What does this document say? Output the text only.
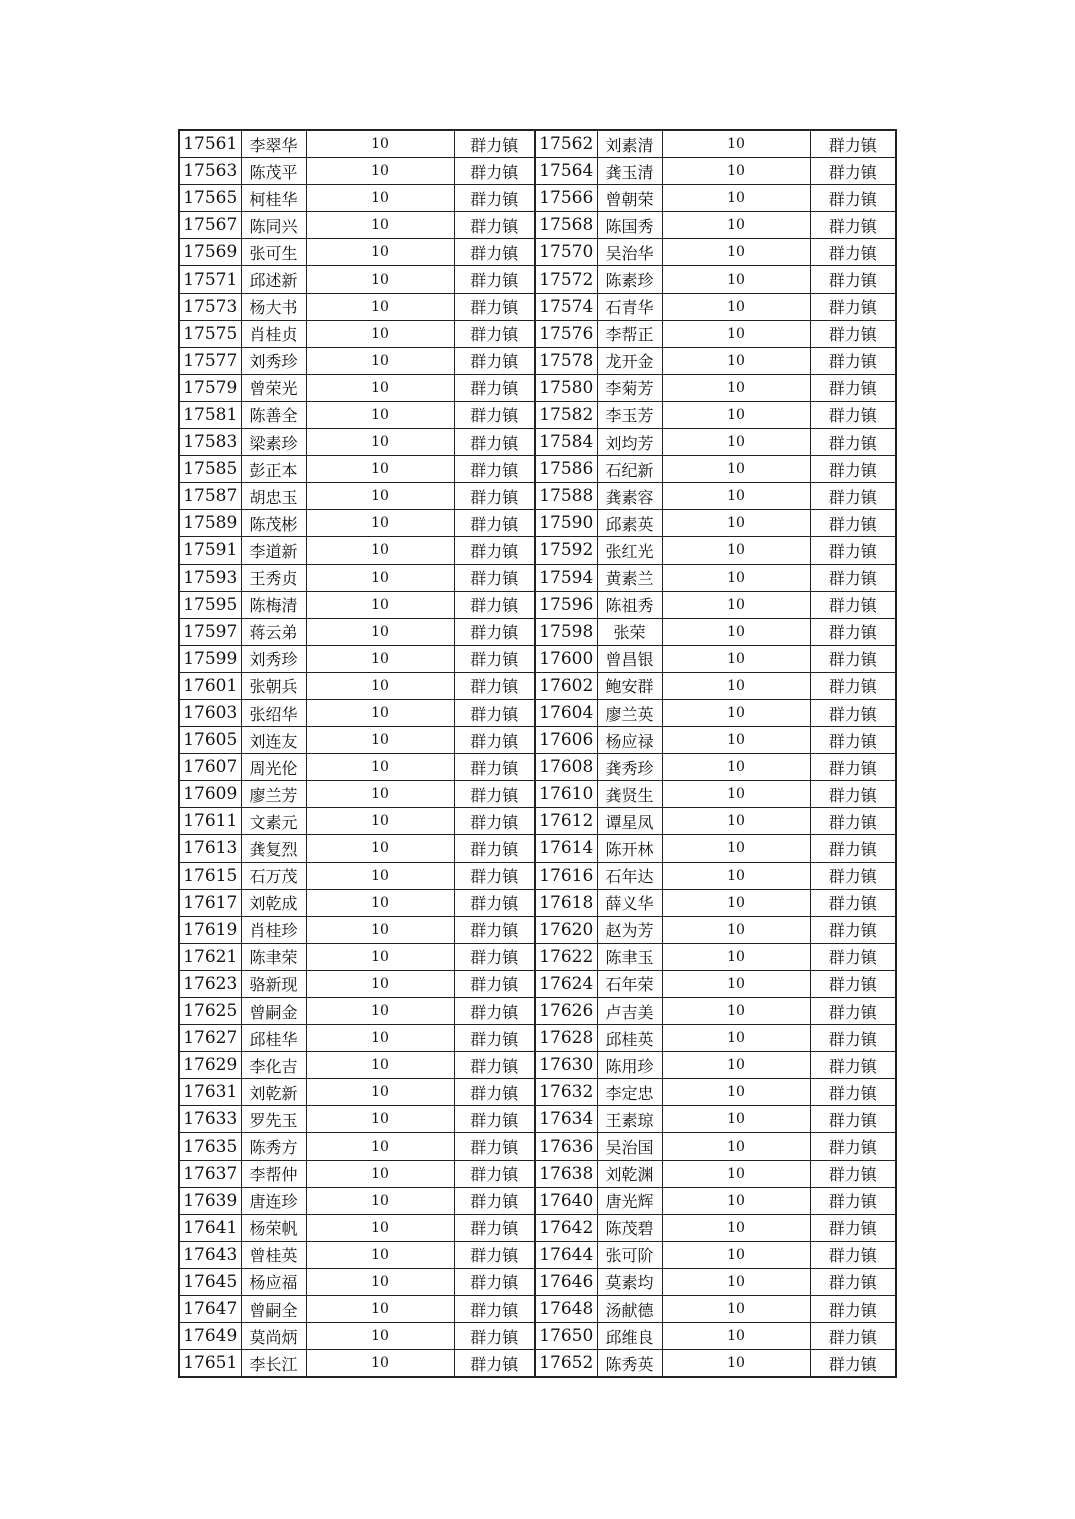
17561	李翠华	10	群力镇	17562	刘素清	10	群力镇
17563	陈茂平	10	群力镇	17564	龚玉清	10	群力镇
17565	柯桂华	10	群力镇	17566	曾朝荣	10	群力镇
17567	陈同兴	10	群力镇	17568	陈国秀	10	群力镇
17569	张可生	10	群力镇	17570	吴治华	10	群力镇
17571	邱述新	10	群力镇	17572	陈素珍	10	群力镇
17573	杨大书	10	群力镇	17574	石青华	10	群力镇
17575	肖桂贞	10	群力镇	17576	李帮正	10	群力镇
17577	刘秀珍	10	群力镇	17578	龙开金	10	群力镇
17579	曾荣光	10	群力镇	17580	李菊芳	10	群力镇
17581	陈善全	10	群力镇	17582	李玉芳	10	群力镇
17583	梁素珍	10	群力镇	17584	刘均芳	10	群力镇
17585	彭正本	10	群力镇	17586	石纪新	10	群力镇
17587	胡忠玉	10	群力镇	17588	龚素容	10	群力镇
17589	陈茂彬	10	群力镇	17590	邱素英	10	群力镇
17591	李道新	10	群力镇	17592	张红光	10	群力镇
17593	王秀贞	10	群力镇	17594	黄素兰	10	群力镇
17595	陈梅清	10	群力镇	17596	陈祖秀	10	群力镇
17597	蒋云弟	10	群力镇	17598	张荣	10	群力镇
17599	刘秀珍	10	群力镇	17600	曾昌银	10	群力镇
17601	张朝兵	10	群力镇	17602	鲍安群	10	群力镇
17603	张绍华	10	群力镇	17604	廖兰英	10	群力镇
17605	刘连友	10	群力镇	17606	杨应禄	10	群力镇
17607	周光伦	10	群力镇	17608	龚秀珍	10	群力镇
17609	廖兰芳	10	群力镇	17610	龚贤生	10	群力镇
17611	文素元	10	群力镇	17612	谭星凤	10	群力镇
17613	龚复烈	10	群力镇	17614	陈开林	10	群力镇
17615	石万茂	10	群力镇	17616	石年达	10	群力镇
17617	刘乾成	10	群力镇	17618	薛义华	10	群力镇
17619	肖桂珍	10	群力镇	17620	赵为芳	10	群力镇
17621	陈聿荣	10	群力镇	17622	陈聿玉	10	群力镇
17623	骆新现	10	群力镇	17624	石年荣	10	群力镇
17625	曾嗣金	10	群力镇	17626	卢吉美	10	群力镇
17627	邱桂华	10	群力镇	17628	邱桂英	10	群力镇
17629	李化吉	10	群力镇	17630	陈用珍	10	群力镇
17631	刘乾新	10	群力镇	17632	李定忠	10	群力镇
17633	罗先玉	10	群力镇	17634	王素琼	10	群力镇
17635	陈秀方	10	群力镇	17636	吴治国	10	群力镇
17637	李帮仲	10	群力镇	17638	刘乾渊	10	群力镇
17639	唐连珍	10	群力镇	17640	唐光辉	10	群力镇
17641	杨荣帆	10	群力镇	17642	陈茂碧	10	群力镇
17643	曾桂英	10	群力镇	17644	张可阶	10	群力镇
17645	杨应福	10	群力镇	17646	莫素均	10	群力镇
17647	曾嗣全	10	群力镇	17648	汤献德	10	群力镇
17649	莫尚炳	10	群力镇	17650	邱维良	10	群力镇
17651	李长江	10	群力镇	17652	陈秀英	10	群力镇
